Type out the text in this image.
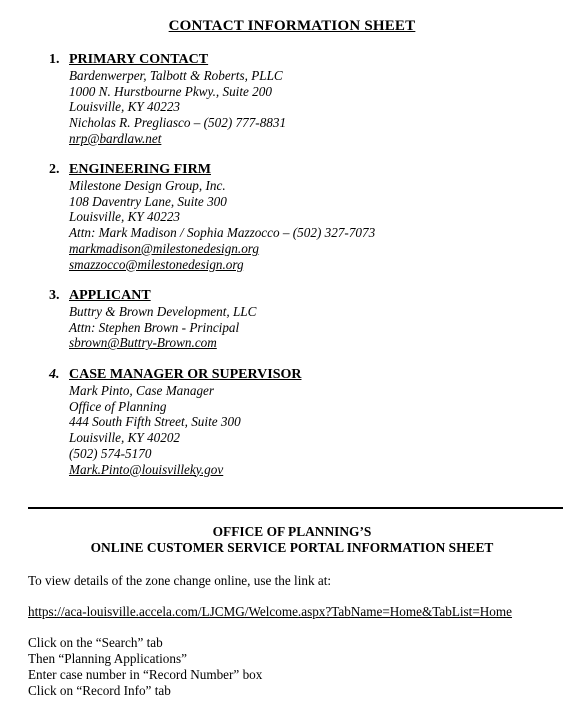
CONTACT INFORMATION SHEET
1. PRIMARY CONTACT
Bardenwerper, Talbott & Roberts, PLLC
1000 N. Hurstbourne Pkwy., Suite 200
Louisville, KY 40223
Nicholas R. Pregliasco – (502) 777-8831
nrp@bardlaw.net
2. ENGINEERING FIRM
Milestone Design Group, Inc.
108 Daventry Lane, Suite 300
Louisville, KY 40223
Attn: Mark Madison / Sophia Mazzocco – (502) 327-7073
markmadison@milestonedesign.org
smazzocco@milestonedesign.org
3. APPLICANT
Buttry & Brown Development, LLC
Attn: Stephen Brown - Principal
sbrown@Buttry-Brown.com
4. CASE MANAGER OR SUPERVISOR
Mark Pinto, Case Manager
Office of Planning
444 South Fifth Street, Suite 300
Louisville, KY 40202
(502) 574-5170
Mark.Pinto@louisvilleky.gov
OFFICE OF PLANNING’S
ONLINE CUSTOMER SERVICE PORTAL INFORMATION SHEET
To view details of the zone change online, use the link at:
https://aca-louisville.accela.com/LJCMG/Welcome.aspx?TabName=Home&TabList=Home
Click on the “Search” tab
Then “Planning Applications”
Enter case number in “Record Number” box
Click on “Record Info” tab
